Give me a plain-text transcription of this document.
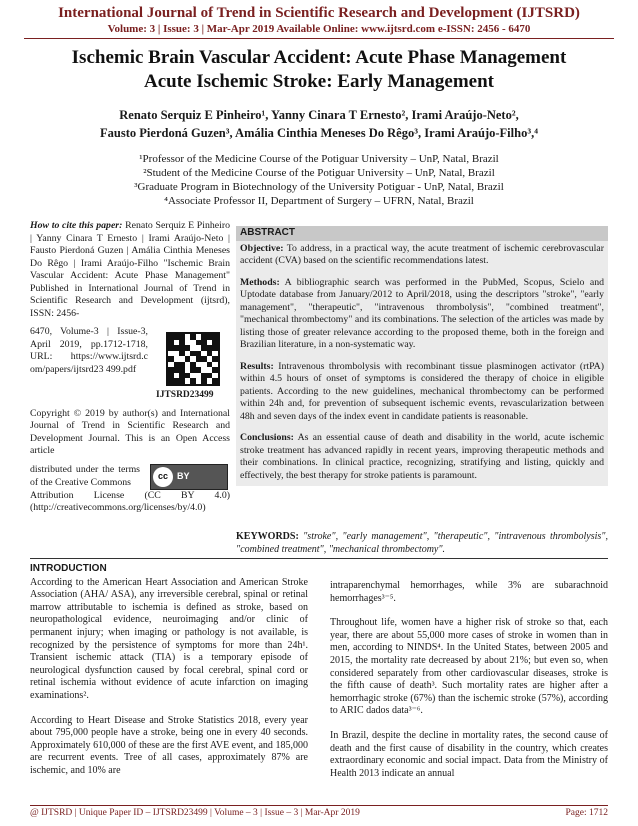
International Journal of Trend in Scientific Research and Development (IJTSRD)
Volume: 3 | Issue: 3 | Mar-Apr 2019 Available Online: www.ijtsrd.com e-ISSN: 2456 - 6470
Ischemic Brain Vascular Accident: Acute Phase Management
Acute Ischemic Stroke: Early Management
Renato Serquiz E Pinheiro¹, Yanny Cinara T Ernesto², Irami Araújo-Neto²,
Fausto Pierdoná Guzen³, Amália Cinthia Meneses Do Rêgo³, Irami Araújo-Filho³,⁴
¹Professor of the Medicine Course of the Potiguar University – UnP, Natal, Brazil
²Student of the Medicine Course of the Potiguar University – UnP, Natal, Brazil
³Graduate Program in Biotechnology of the University Potiguar - UnP, Natal, Brazil
⁴Associate Professor II, Department of Surgery – UFRN, Natal, Brazil

How to cite this paper: Renato Serquiz E Pinheiro | Yanny Cinara T Ernesto | Irami Araújo-Neto | Fausto Pierdoná Guzen | Amália Cinthia Meneses Do Rêgo | Irami Araújo-Filho "Ischemic Brain Vascular Accident: Acute Phase Management" Published in International Journal of Trend in Scientific Research and Development (ijtsrd), ISSN: 2456-

6470, Volume-3 | Issue-3, April 2019, pp.1712-1718, URL: https://www.ijtsrd.c om/papers/ijtsrd23 499.pdf
IJTSRD23499

Copyright © 2019 by author(s) and International Journal of Trend in Scientific Research and Development Journal. This is an Open Access article

distributed under the terms of the Creative Commons
cc	BY

Attribution License (CC BY 4.0) (http://creativecommons.org/licenses/by/4.0)

ABSTRACT

Objective: To address, in a practical way, the acute treatment of ischemic cerebrovascular accident (CVA) based on the scientific recommendations latest.

Methods: A bibliographic search was performed in the PubMed, Scopus, Scielo and Uptodate database from January/2012 to April/2018, using the descriptors "stroke", "early management", "therapeutic", "intravenous thrombolysis", "combined treatment", "mechanical thrombectomy" and its combinations. The selection of the articles was made by listing those of greater relevance according to the proposed theme, both in the foreign and Brazilian literature, in a non-systematic way.

Results: Intravenous thrombolysis with recombinant tissue plasminogen activator (rtPA) within 4.5 hours of onset of symptoms is considered the therapy of choice in eligible patients. According to the new guidelines, mechanical thrombectomy can be performed within 24h and, for prevention of subsequent ischemic events, revascularization between 48h and seven days of the index event in candidate patients is reasonable.

Conclusions: As an essential cause of death and disability in the world, acute ischemic stroke treatment has advanced rapidly in recent years, improving therapeutic methods and their combinations. In clinical practice, recognizing, stratifying and listing, quickly and effectively, the best therapy for stroke patients is paramount.

KEYWORDS: "stroke", "early management", "therapeutic", "intravenous thrombolysis", "combined treatment", "mechanical thrombectomy".
INTRODUCTION

According to the American Heart Association and American Stroke Association (AHA/ ASA), any irreversible cerebral, spinal or retinal marrow attributable to ischemia is defined as stroke, based on neuropathological evidence, neuroimaging and/or clinic of permanent injury; when imaging or pathology is not available, is recognized by the persistence of symptoms for more than 24h¹. Transient ischemic attack (TIA) is a temporary episode of neurological dysfunction caused by focal cerebral, spinal cord or retinal ischemia without evidence of acute infarction on imaging examinations².

According to Heart Disease and Stroke Statistics 2018, every year about 795,000 people have a stroke, being one in every 40 seconds. Approximately 610,000 of these are the first AVE event, and 185,000 are recurrent events. Tree of all cases, approximately 87% are ischemic, and 10% are

intraparenchymal hemorrhages, while 3% are subarachnoid hemorrhages³⁻⁵.

Throughout life, women have a higher risk of stroke so that, each year, there are about 55,000 more cases of stroke in women than in men, according to NINDS⁴. In the United States, between 2005 and 2015, the mortality rate decreased by about 21%; but even so, when considered separately from other cardiovascular diseases, stroke is the fifth cause of death³. Such mortality rates are higher after a hemorrhagic stroke (67%) than the ischemic stroke (57%), according to ARIC dados data³⁻⁶.

In Brazil, despite the decline in mortality rates, the second cause of death and the first cause of disability in the country, which creates extraordinary economic and social impact. Data from the Ministry of Health 2013 indicate an annual

@ IJTSRD | Unique Paper ID – IJTSRD23499 | Volume – 3 | Issue – 3 | Mar-Apr 2019	Page: 1712
